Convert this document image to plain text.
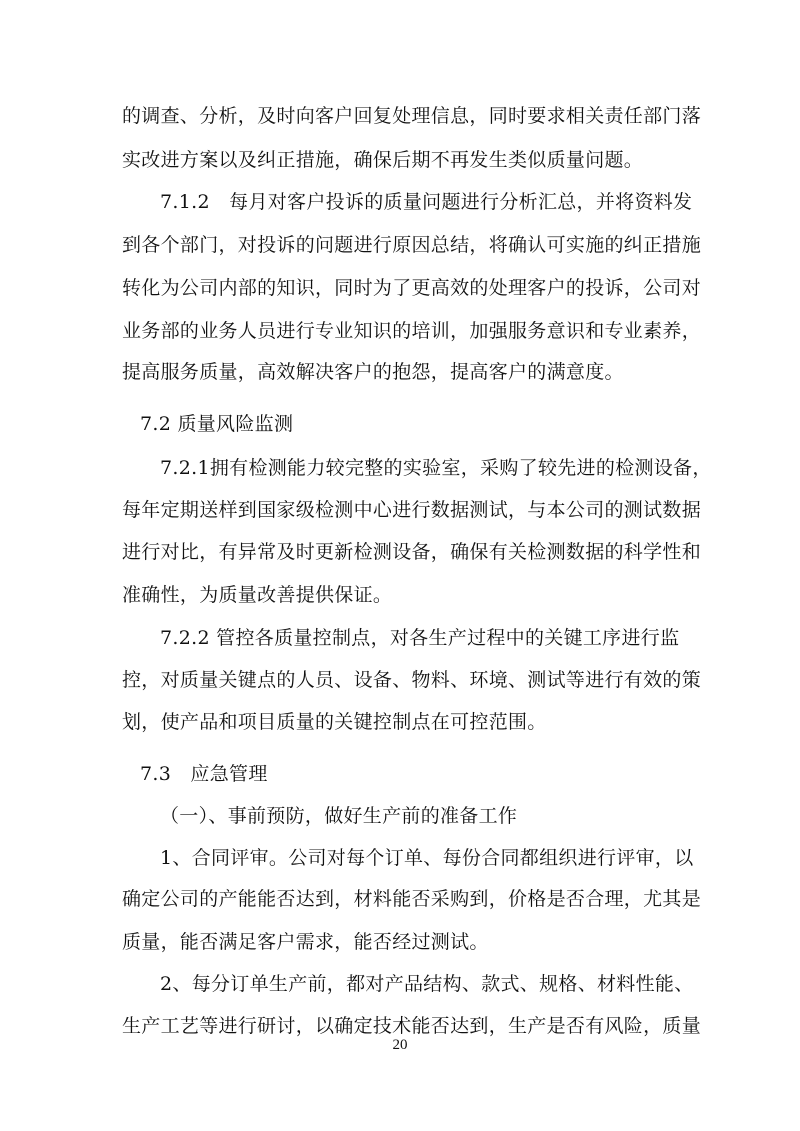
的调查、分析，及时向客户回复处理信息，同时要求相关责任部门落
实改进方案以及纠正措施，确保后期不再发生类似质量问题。
7.1.2　每月对客户投诉的质量问题进行分析汇总，并将资料发
到各个部门，对投诉的问题进行原因总结，将确认可实施的纠正措施
转化为公司内部的知识，同时为了更高效的处理客户的投诉，公司对
业务部的业务人员进行专业知识的培训，加强服务意识和专业素养，
提高服务质量，高效解决客户的抱怨，提高客户的满意度。
7.2 质量风险监测
7.2.1拥有检测能力较完整的实验室，采购了较先进的检测设备，
每年定期送样到国家级检测中心进行数据测试，与本公司的测试数据
进行对比，有异常及时更新检测设备，确保有关检测数据的科学性和
准确性，为质量改善提供保证。
7.2.2 管控各质量控制点，对各生产过程中的关键工序进行监
控，对质量关键点的人员、设备、物料、环境、测试等进行有效的策
划，使产品和项目质量的关键控制点在可控范围。
7.3　应急管理
（一）、事前预防，做好生产前的准备工作
1、合同评审。公司对每个订单、每份合同都组织进行评审，以
确定公司的产能能否达到，材料能否采购到，价格是否合理，尤其是
质量，能否满足客户需求，能否经过测试。
2、每分订单生产前，都对产品结构、款式、规格、材料性能、
生产工艺等进行研讨，以确定技术能否达到，生产是否有风险，质量
20
